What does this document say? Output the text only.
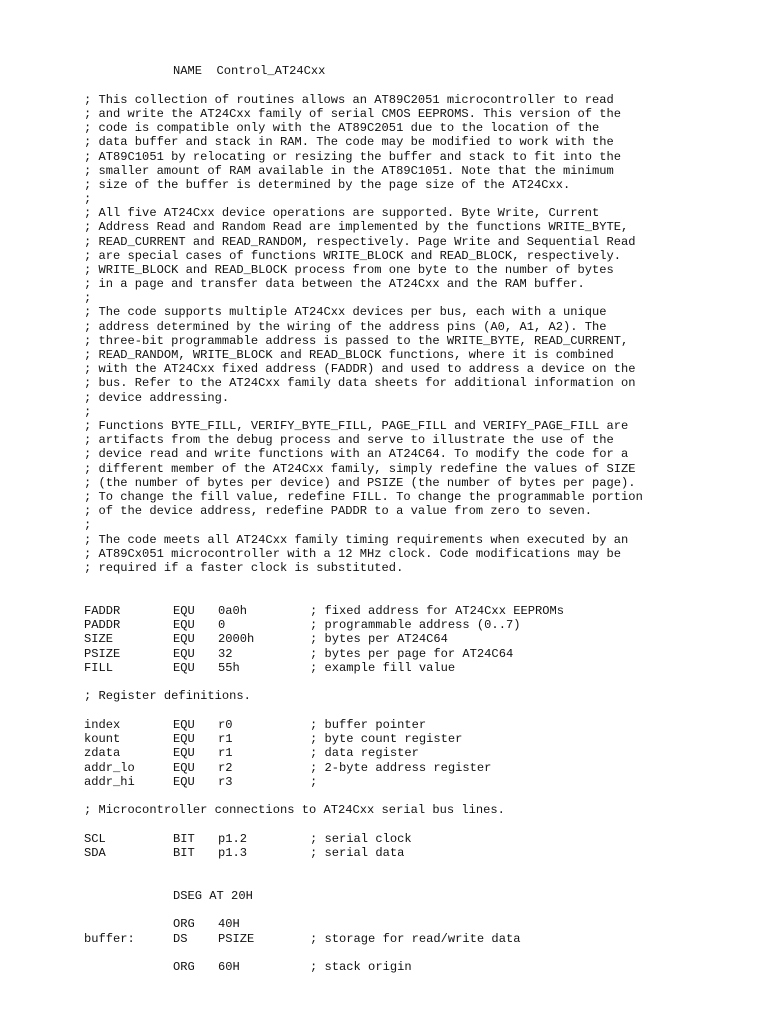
NAME  Control_AT24Cxx
; This collection of routines allows an AT89C2051 microcontroller to read
; and write the AT24Cxx family of serial CMOS EEPROMS. This version of the
; code is compatible only with the AT89C2051 due to the location of the
; data buffer and stack in RAM. The code may be modified to work with the
; AT89C1051 by relocating or resizing the buffer and stack to fit into the
; smaller amount of RAM available in the AT89C1051. Note that the minimum
; size of the buffer is determined by the page size of the AT24Cxx.
;
; All five AT24Cxx device operations are supported. Byte Write, Current
; Address Read and Random Read are implemented by the functions WRITE_BYTE,
; READ_CURRENT and READ_RANDOM, respectively. Page Write and Sequential Read
; are special cases of functions WRITE_BLOCK and READ_BLOCK, respectively.
; WRITE_BLOCK and READ_BLOCK process from one byte to the number of bytes
; in a page and transfer data between the AT24Cxx and the RAM buffer.
;
; The code supports multiple AT24Cxx devices per bus, each with a unique
; address determined by the wiring of the address pins (A0, A1, A2). The
; three-bit programmable address is passed to the WRITE_BYTE, READ_CURRENT,
; READ_RANDOM, WRITE_BLOCK and READ_BLOCK functions, where it is combined
; with the AT24Cxx fixed address (FADDR) and used to address a device on the
; bus. Refer to the AT24Cxx family data sheets for additional information on
; device addressing.
;
; Functions BYTE_FILL, VERIFY_BYTE_FILL, PAGE_FILL and VERIFY_PAGE_FILL are
; artifacts from the debug process and serve to illustrate the use of the
; device read and write functions with an AT24C64. To modify the code for a
; different member of the AT24Cxx family, simply redefine the values of SIZE
; (the number of bytes per device) and PSIZE (the number of bytes per page).
; To change the fill value, redefine FILL. To change the programmable portion
; of the device address, redefine PADDR to a value from zero to seven.
;
; The code meets all AT24Cxx family timing requirements when executed by an
; AT89Cx051 microcontroller with a 12 MHz clock. Code modifications may be
; required if a faster clock is substituted.
FADDR	EQU 0a0h	; fixed address for AT24Cxx EEPROMs
PADDR	EQU 0	; programmable address (0..7)
SIZE	EQU 2000h	; bytes per AT24C64
PSIZE	EQU 32	; bytes per page for AT24C64
FILL	EQU 55h	; example fill value
; Register definitions.
index	EQU r0	; buffer pointer
kount	EQU r1	; byte count register
zdata	EQU r1	; data register
addr_lo	EQU r2	; 2-byte address register
addr_hi	EQU r3	;
; Microcontroller connections to AT24Cxx serial bus lines.
SCL	BIT p1.2	; serial clock
SDA	BIT p1.3	; serial data
DSEG AT 20H
ORG 40H
buffer:	DS	PSIZE	; storage for read/write data
ORG 60H	; stack origin
